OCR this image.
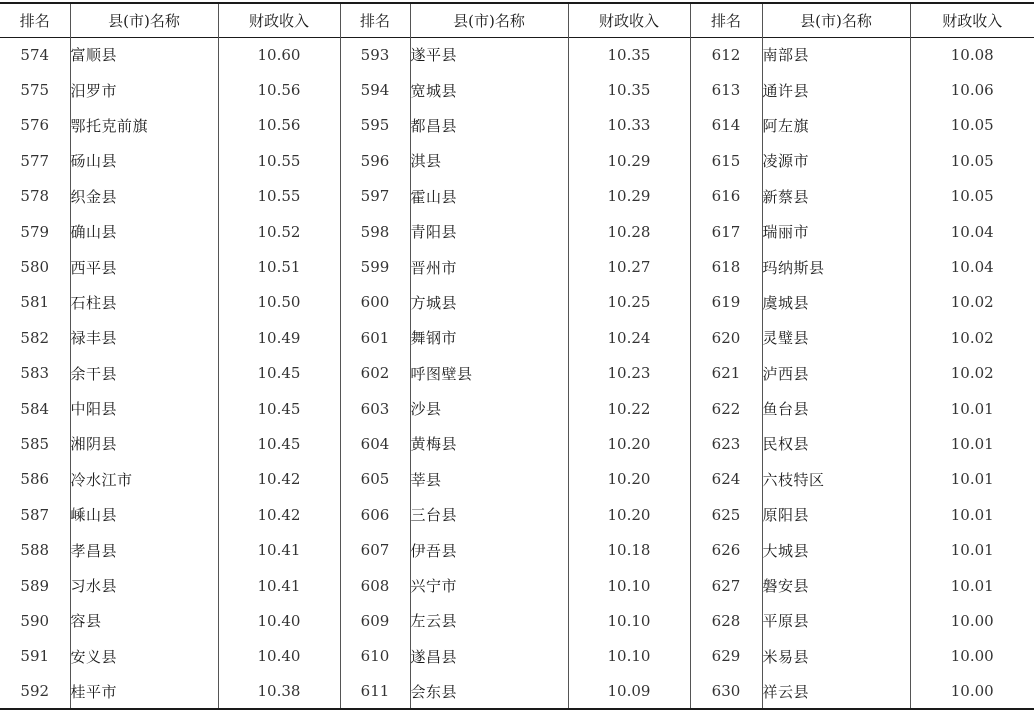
排名	县(市)名称	财政收入	排名	县(市)名称	财政收入	排名	县(市)名称	财政收入
574	富顺县	10.60	593	遂平县	10.35	612	南部县	10.08
575	汨罗市	10.56	594	宽城县	10.35	613	通许县	10.06
576	鄂托克前旗	10.56	595	都昌县	10.33	614	阿左旗	10.05
577	砀山县	10.55	596	淇县	10.29	615	凌源市	10.05
578	织金县	10.55	597	霍山县	10.29	616	新蔡县	10.05
579	确山县	10.52	598	青阳县	10.28	617	瑞丽市	10.04
580	西平县	10.51	599	晋州市	10.27	618	玛纳斯县	10.04
581	石柱县	10.50	600	方城县	10.25	619	虞城县	10.02
582	禄丰县	10.49	601	舞钢市	10.24	620	灵璧县	10.02
583	余干县	10.45	602	呼图壁县	10.23	621	泸西县	10.02
584	中阳县	10.45	603	沙县	10.22	622	鱼台县	10.01
585	湘阴县	10.45	604	黄梅县	10.20	623	民权县	10.01
586	冷水江市	10.42	605	莘县	10.20	624	六枝特区	10.01
587	嵊山县	10.42	606	三台县	10.20	625	原阳县	10.01
588	孝昌县	10.41	607	伊吾县	10.18	626	大城县	10.01
589	习水县	10.41	608	兴宁市	10.10	627	磐安县	10.01
590	容县	10.40	609	左云县	10.10	628	平原县	10.00
591	安义县	10.40	610	遂昌县	10.10	629	米易县	10.00
592	桂平市	10.38	611	会东县	10.09	630	祥云县	10.00
